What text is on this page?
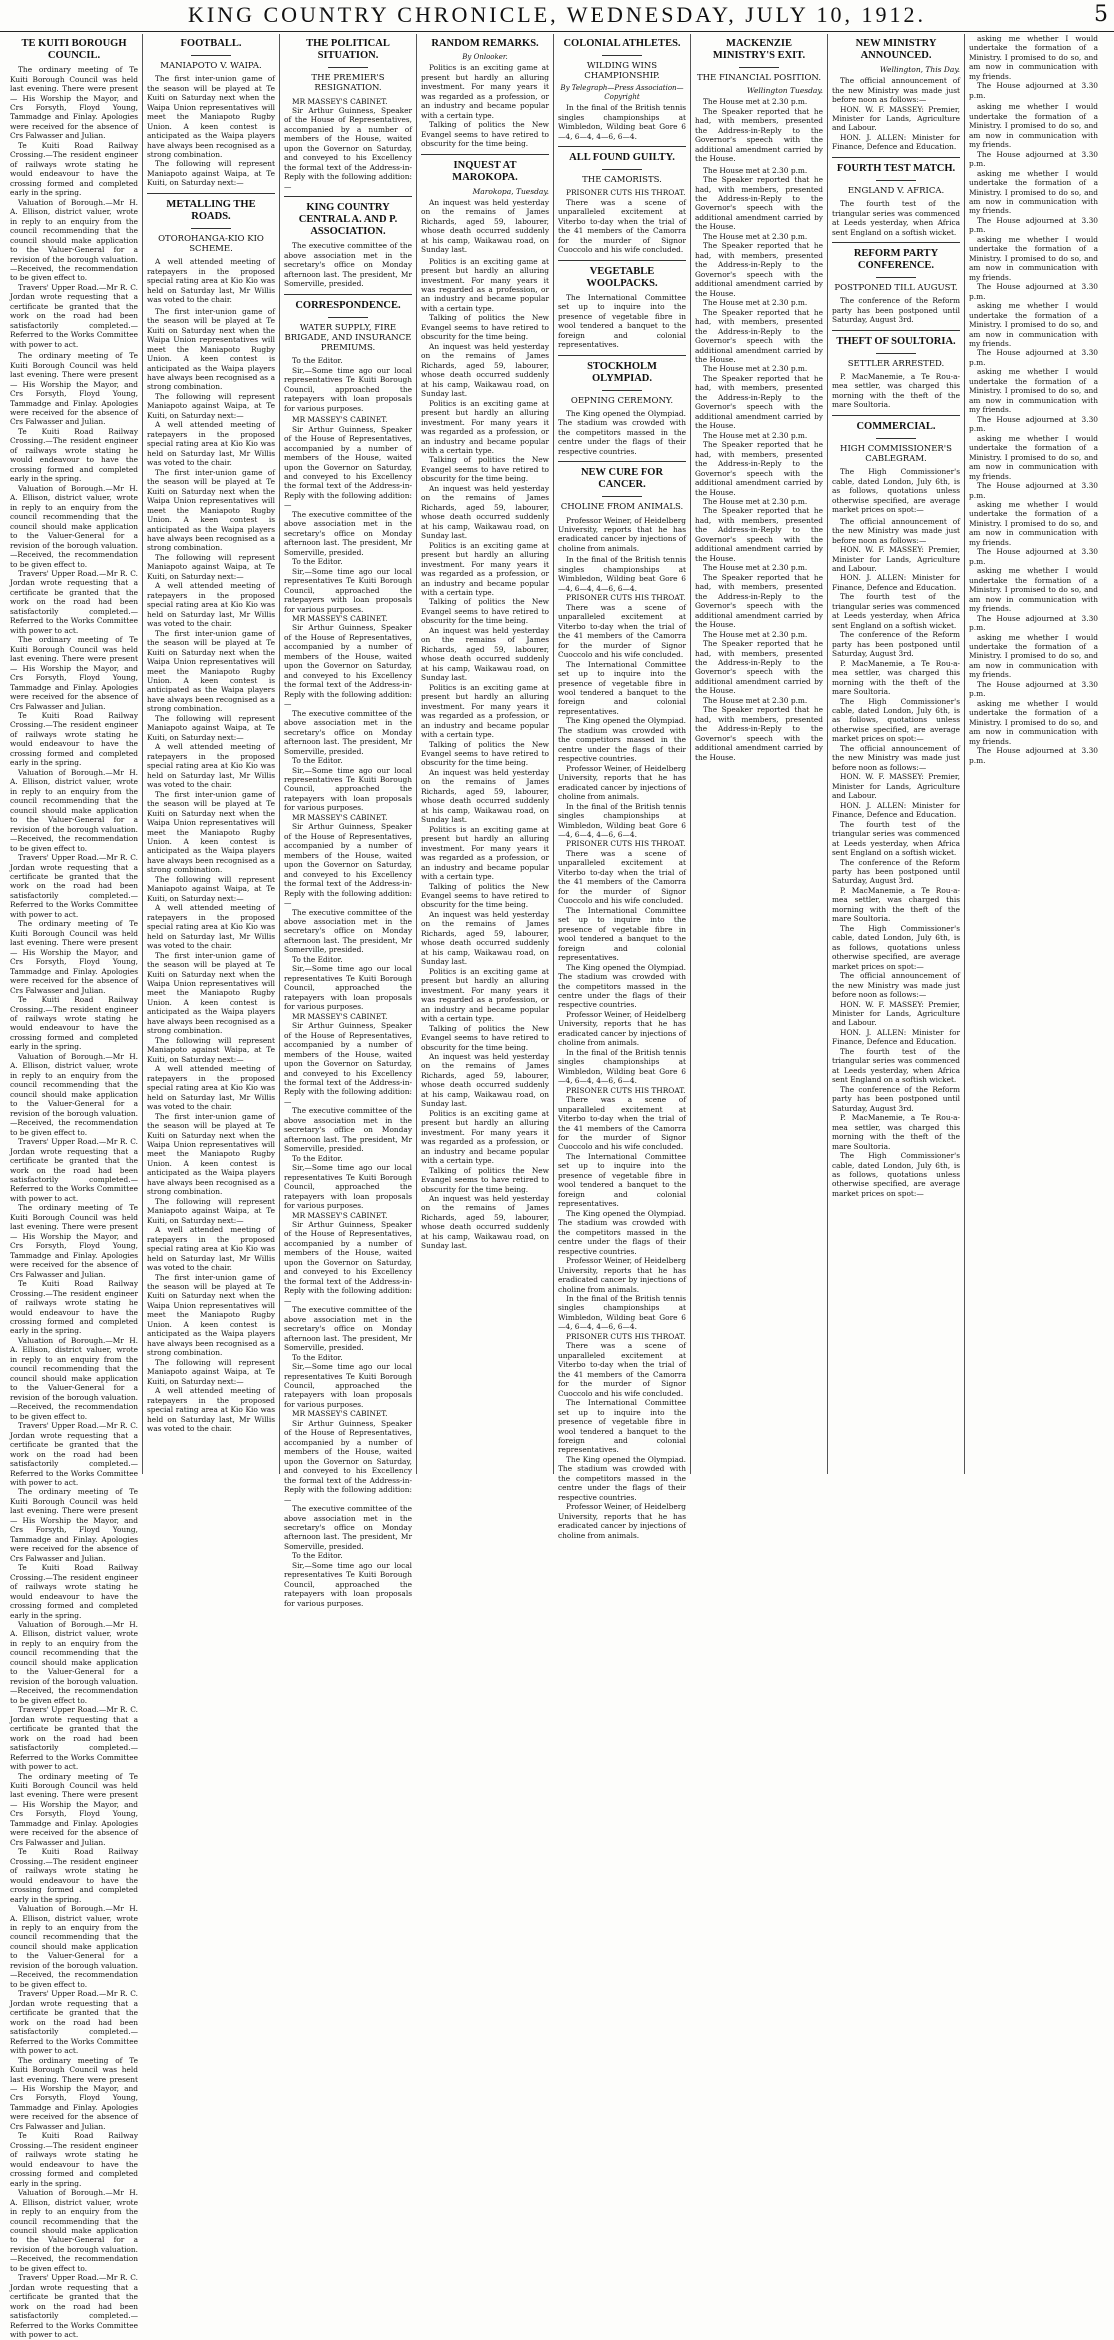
KING COUNTRY CHRONICLE, WEDNESDAY, JULY 10, 1912.	5
TE KUITI BOROUGH COUNCIL.

The ordinary meeting of Te Kuiti Borough Council was held last evening. There were present— His Worship the Mayor, and Crs Forsyth, Floyd Young, Tammadge and Finlay. Apologies were received for the absence of Crs Falwasser and Julian.

Te Kuiti Road Railway Crossing.—The resident engineer of railways wrote stating he would endeavour to have the crossing formed and completed early in the spring.

Valuation of Borough.—Mr H. A. Ellison, district valuer, wrote in reply to an enquiry from the council recommending that the council should make application to the Valuer-General for a revision of the borough valuation.—Received, the recommendation to be given effect to.

Travers' Upper Road.—Mr R. C. Jordan wrote requesting that a certificate be granted that the work on the road had been satisfactorily completed.—Referred to the Works Committee with power to act.

The ordinary meeting of Te Kuiti Borough Council was held last evening. There were present— His Worship the Mayor, and Crs Forsyth, Floyd Young, Tammadge and Finlay. Apologies were received for the absence of Crs Falwasser and Julian.

Te Kuiti Road Railway Crossing.—The resident engineer of railways wrote stating he would endeavour to have the crossing formed and completed early in the spring.

Valuation of Borough.—Mr H. A. Ellison, district valuer, wrote in reply to an enquiry from the council recommending that the council should make application to the Valuer-General for a revision of the borough valuation.—Received, the recommendation to be given effect to.

Travers' Upper Road.—Mr R. C. Jordan wrote requesting that a certificate be granted that the work on the road had been satisfactorily completed.—Referred to the Works Committee with power to act.

The ordinary meeting of Te Kuiti Borough Council was held last evening. There were present— His Worship the Mayor, and Crs Forsyth, Floyd Young, Tammadge and Finlay. Apologies were received for the absence of Crs Falwasser and Julian.

Te Kuiti Road Railway Crossing.—The resident engineer of railways wrote stating he would endeavour to have the crossing formed and completed early in the spring.

Valuation of Borough.—Mr H. A. Ellison, district valuer, wrote in reply to an enquiry from the council recommending that the council should make application to the Valuer-General for a revision of the borough valuation.—Received, the recommendation to be given effect to.

Travers' Upper Road.—Mr R. C. Jordan wrote requesting that a certificate be granted that the work on the road had been satisfactorily completed.—Referred to the Works Committee with power to act.

The ordinary meeting of Te Kuiti Borough Council was held last evening. There were present— His Worship the Mayor, and Crs Forsyth, Floyd Young, Tammadge and Finlay. Apologies were received for the absence of Crs Falwasser and Julian.

Te Kuiti Road Railway Crossing.—The resident engineer of railways wrote stating he would endeavour to have the crossing formed and completed early in the spring.

Valuation of Borough.—Mr H. A. Ellison, district valuer, wrote in reply to an enquiry from the council recommending that the council should make application to the Valuer-General for a revision of the borough valuation.—Received, the recommendation to be given effect to.

Travers' Upper Road.—Mr R. C. Jordan wrote requesting that a certificate be granted that the work on the road had been satisfactorily completed.—Referred to the Works Committee with power to act.

The ordinary meeting of Te Kuiti Borough Council was held last evening. There were present— His Worship the Mayor, and Crs Forsyth, Floyd Young, Tammadge and Finlay. Apologies were received for the absence of Crs Falwasser and Julian.

Te Kuiti Road Railway Crossing.—The resident engineer of railways wrote stating he would endeavour to have the crossing formed and completed early in the spring.

Valuation of Borough.—Mr H. A. Ellison, district valuer, wrote in reply to an enquiry from the council recommending that the council should make application to the Valuer-General for a revision of the borough valuation.—Received, the recommendation to be given effect to.

Travers' Upper Road.—Mr R. C. Jordan wrote requesting that a certificate be granted that the work on the road had been satisfactorily completed.—Referred to the Works Committee with power to act.

The ordinary meeting of Te Kuiti Borough Council was held last evening. There were present— His Worship the Mayor, and Crs Forsyth, Floyd Young, Tammadge and Finlay. Apologies were received for the absence of Crs Falwasser and Julian.

Te Kuiti Road Railway Crossing.—The resident engineer of railways wrote stating he would endeavour to have the crossing formed and completed early in the spring.

Valuation of Borough.—Mr H. A. Ellison, district valuer, wrote in reply to an enquiry from the council recommending that the council should make application to the Valuer-General for a revision of the borough valuation.—Received, the recommendation to be given effect to.

Travers' Upper Road.—Mr R. C. Jordan wrote requesting that a certificate be granted that the work on the road had been satisfactorily completed.—Referred to the Works Committee with power to act.

The ordinary meeting of Te Kuiti Borough Council was held last evening. There were present— His Worship the Mayor, and Crs Forsyth, Floyd Young, Tammadge and Finlay. Apologies were received for the absence of Crs Falwasser and Julian.

Te Kuiti Road Railway Crossing.—The resident engineer of railways wrote stating he would endeavour to have the crossing formed and completed early in the spring.

Valuation of Borough.—Mr H. A. Ellison, district valuer, wrote in reply to an enquiry from the council recommending that the council should make application to the Valuer-General for a revision of the borough valuation.—Received, the recommendation to be given effect to.

Travers' Upper Road.—Mr R. C. Jordan wrote requesting that a certificate be granted that the work on the road had been satisfactorily completed.—Referred to the Works Committee with power to act.

The ordinary meeting of Te Kuiti Borough Council was held last evening. There were present— His Worship the Mayor, and Crs Forsyth, Floyd Young, Tammadge and Finlay. Apologies were received for the absence of Crs Falwasser and Julian.

Te Kuiti Road Railway Crossing.—The resident engineer of railways wrote stating he would endeavour to have the crossing formed and completed early in the spring.

Valuation of Borough.—Mr H. A. Ellison, district valuer, wrote in reply to an enquiry from the council recommending that the council should make application to the Valuer-General for a revision of the borough valuation.—Received, the recommendation to be given effect to.

Travers' Upper Road.—Mr R. C. Jordan wrote requesting that a certificate be granted that the work on the road had been satisfactorily completed.—Referred to the Works Committee with power to act.

FOOTBALL.
MANIAPOTO V. WAIPA.

The first inter-union game of the season will be played at Te Kuiti on Saturday next when the Waipa Union representatives will meet the Maniapoto Rugby Union. A keen contest is anticipated as the Waipa players have always been recognised as a strong combination.

The following will represent Maniapoto against Waipa, at Te Kuiti, on Saturday next:—

METALLING THE ROADS.
OTOROHANGA-KIO KIO SCHEME.

A well attended meeting of ratepayers in the proposed special rating area at Kio Kio was held on Saturday last, Mr Willis was voted to the chair.

The first inter-union game of the season will be played at Te Kuiti on Saturday next when the Waipa Union representatives will meet the Maniapoto Rugby Union. A keen contest is anticipated as the Waipa players have always been recognised as a strong combination.

The following will represent Maniapoto against Waipa, at Te Kuiti, on Saturday next:—

A well attended meeting of ratepayers in the proposed special rating area at Kio Kio was held on Saturday last, Mr Willis was voted to the chair.

The first inter-union game of the season will be played at Te Kuiti on Saturday next when the Waipa Union representatives will meet the Maniapoto Rugby Union. A keen contest is anticipated as the Waipa players have always been recognised as a strong combination.

The following will represent Maniapoto against Waipa, at Te Kuiti, on Saturday next:—

A well attended meeting of ratepayers in the proposed special rating area at Kio Kio was held on Saturday last, Mr Willis was voted to the chair.

The first inter-union game of the season will be played at Te Kuiti on Saturday next when the Waipa Union representatives will meet the Maniapoto Rugby Union. A keen contest is anticipated as the Waipa players have always been recognised as a strong combination.

The following will represent Maniapoto against Waipa, at Te Kuiti, on Saturday next:—

A well attended meeting of ratepayers in the proposed special rating area at Kio Kio was held on Saturday last, Mr Willis was voted to the chair.

The first inter-union game of the season will be played at Te Kuiti on Saturday next when the Waipa Union representatives will meet the Maniapoto Rugby Union. A keen contest is anticipated as the Waipa players have always been recognised as a strong combination.

The following will represent Maniapoto against Waipa, at Te Kuiti, on Saturday next:—

A well attended meeting of ratepayers in the proposed special rating area at Kio Kio was held on Saturday last, Mr Willis was voted to the chair.

The first inter-union game of the season will be played at Te Kuiti on Saturday next when the Waipa Union representatives will meet the Maniapoto Rugby Union. A keen contest is anticipated as the Waipa players have always been recognised as a strong combination.

The following will represent Maniapoto against Waipa, at Te Kuiti, on Saturday next:—

A well attended meeting of ratepayers in the proposed special rating area at Kio Kio was held on Saturday last, Mr Willis was voted to the chair.

The first inter-union game of the season will be played at Te Kuiti on Saturday next when the Waipa Union representatives will meet the Maniapoto Rugby Union. A keen contest is anticipated as the Waipa players have always been recognised as a strong combination.

The following will represent Maniapoto against Waipa, at Te Kuiti, on Saturday next:—

A well attended meeting of ratepayers in the proposed special rating area at Kio Kio was held on Saturday last, Mr Willis was voted to the chair.

The first inter-union game of the season will be played at Te Kuiti on Saturday next when the Waipa Union representatives will meet the Maniapoto Rugby Union. A keen contest is anticipated as the Waipa players have always been recognised as a strong combination.

The following will represent Maniapoto against Waipa, at Te Kuiti, on Saturday next:—

A well attended meeting of ratepayers in the proposed special rating area at Kio Kio was held on Saturday last, Mr Willis was voted to the chair.

THE POLITICAL SITUATION.
THE PREMIER'S RESIGNATION.

MR MASSEY'S CABINET.

Sir Arthur Guinness, Speaker of the House of Representatives, accompanied by a number of members of the House, waited upon the Governor on Saturday, and conveyed to his Excellency the formal text of the Address-in-Reply with the following addition:—

KING COUNTRY CENTRAL A. AND P. ASSOCIATION.

The executive committee of the above association met in the secretary's office on Monday afternoon last. The president, Mr Somerville, presided.

CORRESPONDENCE.
WATER SUPPLY, FIRE BRIGADE, AND INSURANCE PREMIUMS.

To the Editor.

Sir,—Some time ago our local representatives Te Kuiti Borough Council, approached the ratepayers with loan proposals for various purposes.

MR MASSEY'S CABINET.

Sir Arthur Guinness, Speaker of the House of Representatives, accompanied by a number of members of the House, waited upon the Governor on Saturday, and conveyed to his Excellency the formal text of the Address-in-Reply with the following addition:—

The executive committee of the above association met in the secretary's office on Monday afternoon last. The president, Mr Somerville, presided.

To the Editor.

Sir,—Some time ago our local representatives Te Kuiti Borough Council, approached the ratepayers with loan proposals for various purposes.

MR MASSEY'S CABINET.

Sir Arthur Guinness, Speaker of the House of Representatives, accompanied by a number of members of the House, waited upon the Governor on Saturday, and conveyed to his Excellency the formal text of the Address-in-Reply with the following addition:—

The executive committee of the above association met in the secretary's office on Monday afternoon last. The president, Mr Somerville, presided.

To the Editor.

Sir,—Some time ago our local representatives Te Kuiti Borough Council, approached the ratepayers with loan proposals for various purposes.

MR MASSEY'S CABINET.

Sir Arthur Guinness, Speaker of the House of Representatives, accompanied by a number of members of the House, waited upon the Governor on Saturday, and conveyed to his Excellency the formal text of the Address-in-Reply with the following addition:—

The executive committee of the above association met in the secretary's office on Monday afternoon last. The president, Mr Somerville, presided.

To the Editor.

Sir,—Some time ago our local representatives Te Kuiti Borough Council, approached the ratepayers with loan proposals for various purposes.

MR MASSEY'S CABINET.

Sir Arthur Guinness, Speaker of the House of Representatives, accompanied by a number of members of the House, waited upon the Governor on Saturday, and conveyed to his Excellency the formal text of the Address-in-Reply with the following addition:—

The executive committee of the above association met in the secretary's office on Monday afternoon last. The president, Mr Somerville, presided.

To the Editor.

Sir,—Some time ago our local representatives Te Kuiti Borough Council, approached the ratepayers with loan proposals for various purposes.

MR MASSEY'S CABINET.

Sir Arthur Guinness, Speaker of the House of Representatives, accompanied by a number of members of the House, waited upon the Governor on Saturday, and conveyed to his Excellency the formal text of the Address-in-Reply with the following addition:—

The executive committee of the above association met in the secretary's office on Monday afternoon last. The president, Mr Somerville, presided.

To the Editor.

Sir,—Some time ago our local representatives Te Kuiti Borough Council, approached the ratepayers with loan proposals for various purposes.

MR MASSEY'S CABINET.

Sir Arthur Guinness, Speaker of the House of Representatives, accompanied by a number of members of the House, waited upon the Governor on Saturday, and conveyed to his Excellency the formal text of the Address-in-Reply with the following addition:—

The executive committee of the above association met in the secretary's office on Monday afternoon last. The president, Mr Somerville, presided.

To the Editor.

Sir,—Some time ago our local representatives Te Kuiti Borough Council, approached the ratepayers with loan proposals for various purposes.

RANDOM REMARKS.
By Onlooker.

Politics is an exciting game at present but hardly an alluring investment. For many years it was regarded as a profession, or an industry and became popular with a certain type.

Talking of politics the New Evangel seems to have retired to obscurity for the time being.

INQUEST AT MAROKOPA.
Marokopa, Tuesday.

An inquest was held yesterday on the remains of James Richards, aged 59, labourer, whose death occurred suddenly at his camp, Waikawau road, on Sunday last.

Politics is an exciting game at present but hardly an alluring investment. For many years it was regarded as a profession, or an industry and became popular with a certain type.

Talking of politics the New Evangel seems to have retired to obscurity for the time being.

An inquest was held yesterday on the remains of James Richards, aged 59, labourer, whose death occurred suddenly at his camp, Waikawau road, on Sunday last.

Politics is an exciting game at present but hardly an alluring investment. For many years it was regarded as a profession, or an industry and became popular with a certain type.

Talking of politics the New Evangel seems to have retired to obscurity for the time being.

An inquest was held yesterday on the remains of James Richards, aged 59, labourer, whose death occurred suddenly at his camp, Waikawau road, on Sunday last.

Politics is an exciting game at present but hardly an alluring investment. For many years it was regarded as a profession, or an industry and became popular with a certain type.

Talking of politics the New Evangel seems to have retired to obscurity for the time being.

An inquest was held yesterday on the remains of James Richards, aged 59, labourer, whose death occurred suddenly at his camp, Waikawau road, on Sunday last.

Politics is an exciting game at present but hardly an alluring investment. For many years it was regarded as a profession, or an industry and became popular with a certain type.

Talking of politics the New Evangel seems to have retired to obscurity for the time being.

An inquest was held yesterday on the remains of James Richards, aged 59, labourer, whose death occurred suddenly at his camp, Waikawau road, on Sunday last.

Politics is an exciting game at present but hardly an alluring investment. For many years it was regarded as a profession, or an industry and became popular with a certain type.

Talking of politics the New Evangel seems to have retired to obscurity for the time being.

An inquest was held yesterday on the remains of James Richards, aged 59, labourer, whose death occurred suddenly at his camp, Waikawau road, on Sunday last.

Politics is an exciting game at present but hardly an alluring investment. For many years it was regarded as a profession, or an industry and became popular with a certain type.

Talking of politics the New Evangel seems to have retired to obscurity for the time being.

An inquest was held yesterday on the remains of James Richards, aged 59, labourer, whose death occurred suddenly at his camp, Waikawau road, on Sunday last.

Politics is an exciting game at present but hardly an alluring investment. For many years it was regarded as a profession, or an industry and became popular with a certain type.

Talking of politics the New Evangel seems to have retired to obscurity for the time being.

An inquest was held yesterday on the remains of James Richards, aged 59, labourer, whose death occurred suddenly at his camp, Waikawau road, on Sunday last.

COLONIAL ATHLETES.
WILDING WINS CHAMPIONSHIP.
By Telegraph—Press Association—Copyright

In the final of the British tennis singles championships at Wimbledon, Wilding beat Gore 6—4, 6—4, 4—6, 6—4.

ALL FOUND GUILTY.
THE CAMORISTS.

PRISONER CUTS HIS THROAT.

There was a scene of unparalleled excitement at Viterbo to-day when the trial of the 41 members of the Camorra for the murder of Signor Cuoccolo and his wife concluded.

VEGETABLE WOOLPACKS.

The International Committee set up to inquire into the presence of vegetable fibre in wool tendered a banquet to the foreign and colonial representatives.

STOCKHOLM OLYMPIAD.
OEPNING CEREMONY.

The King opened the Olympiad. The stadium was crowded with the competitors massed in the centre under the flags of their respective countries.

NEW CURE FOR CANCER.
CHOLINE FROM ANIMALS.

Professor Weiner, of Heidelberg University, reports that he has eradicated cancer by injections of choline from animals.

In the final of the British tennis singles championships at Wimbledon, Wilding beat Gore 6—4, 6—4, 4—6, 6—4.

PRISONER CUTS HIS THROAT.

There was a scene of unparalleled excitement at Viterbo to-day when the trial of the 41 members of the Camorra for the murder of Signor Cuoccolo and his wife concluded.

The International Committee set up to inquire into the presence of vegetable fibre in wool tendered a banquet to the foreign and colonial representatives.

The King opened the Olympiad. The stadium was crowded with the competitors massed in the centre under the flags of their respective countries.

Professor Weiner, of Heidelberg University, reports that he has eradicated cancer by injections of choline from animals.

In the final of the British tennis singles championships at Wimbledon, Wilding beat Gore 6—4, 6—4, 4—6, 6—4.

PRISONER CUTS HIS THROAT.

There was a scene of unparalleled excitement at Viterbo to-day when the trial of the 41 members of the Camorra for the murder of Signor Cuoccolo and his wife concluded.

The International Committee set up to inquire into the presence of vegetable fibre in wool tendered a banquet to the foreign and colonial representatives.

The King opened the Olympiad. The stadium was crowded with the competitors massed in the centre under the flags of their respective countries.

Professor Weiner, of Heidelberg University, reports that he has eradicated cancer by injections of choline from animals.

In the final of the British tennis singles championships at Wimbledon, Wilding beat Gore 6—4, 6—4, 4—6, 6—4.

PRISONER CUTS HIS THROAT.

There was a scene of unparalleled excitement at Viterbo to-day when the trial of the 41 members of the Camorra for the murder of Signor Cuoccolo and his wife concluded.

The International Committee set up to inquire into the presence of vegetable fibre in wool tendered a banquet to the foreign and colonial representatives.

The King opened the Olympiad. The stadium was crowded with the competitors massed in the centre under the flags of their respective countries.

Professor Weiner, of Heidelberg University, reports that he has eradicated cancer by injections of choline from animals.

In the final of the British tennis singles championships at Wimbledon, Wilding beat Gore 6—4, 6—4, 4—6, 6—4.

PRISONER CUTS HIS THROAT.

There was a scene of unparalleled excitement at Viterbo to-day when the trial of the 41 members of the Camorra for the murder of Signor Cuoccolo and his wife concluded.

The International Committee set up to inquire into the presence of vegetable fibre in wool tendered a banquet to the foreign and colonial representatives.

The King opened the Olympiad. The stadium was crowded with the competitors massed in the centre under the flags of their respective countries.

Professor Weiner, of Heidelberg University, reports that he has eradicated cancer by injections of choline from animals.

MACKENZIE MINISTRY'S EXIT.
THE FINANCIAL POSITION.
Wellington Tuesday.

The House met at 2.30 p.m.

The Speaker reported that he had, with members, presented the Address-in-Reply to the Governor's speech with the additional amendment carried by the House.

The House met at 2.30 p.m.

The Speaker reported that he had, with members, presented the Address-in-Reply to the Governor's speech with the additional amendment carried by the House.

The House met at 2.30 p.m.

The Speaker reported that he had, with members, presented the Address-in-Reply to the Governor's speech with the additional amendment carried by the House.

The House met at 2.30 p.m.

The Speaker reported that he had, with members, presented the Address-in-Reply to the Governor's speech with the additional amendment carried by the House.

The House met at 2.30 p.m.

The Speaker reported that he had, with members, presented the Address-in-Reply to the Governor's speech with the additional amendment carried by the House.

The House met at 2.30 p.m.

The Speaker reported that he had, with members, presented the Address-in-Reply to the Governor's speech with the additional amendment carried by the House.

The House met at 2.30 p.m.

The Speaker reported that he had, with members, presented the Address-in-Reply to the Governor's speech with the additional amendment carried by the House.

The House met at 2.30 p.m.

The Speaker reported that he had, with members, presented the Address-in-Reply to the Governor's speech with the additional amendment carried by the House.

The House met at 2.30 p.m.

The Speaker reported that he had, with members, presented the Address-in-Reply to the Governor's speech with the additional amendment carried by the House.

The House met at 2.30 p.m.

The Speaker reported that he had, with members, presented the Address-in-Reply to the Governor's speech with the additional amendment carried by the House.

NEW MINISTRY ANNOUNCED.
Wellington, This Day.

The official announcement of the new Ministry was made just before noon as follows:—

HON. W. F. MASSEY: Premier, Minister for Lands, Agriculture and Labour.

HON. J. ALLEN: Minister for Finance, Defence and Education.

FOURTH TEST MATCH.
ENGLAND V. AFRICA.

The fourth test of the triangular series was commenced at Leeds yesterday, when Africa sent England on a softish wicket.

REFORM PARTY CONFERENCE.
POSTPONED TILL AUGUST.

The conference of the Reform party has been postponed until Saturday, August 3rd.

THEFT OF SOULTORIA.
SETTLER ARRESTED.

P. MacManemie, a Te Rou-a-mea settler, was charged this morning with the theft of the mare Soultoria.

COMMERCIAL.
HIGH COMMISSIONER'S CABLEGRAM.

The High Commissioner's cable, dated London, July 6th, is as follows, quotations unless otherwise specified, are average market prices on spot:—

The official announcement of the new Ministry was made just before noon as follows:—

HON. W. F. MASSEY: Premier, Minister for Lands, Agriculture and Labour.

HON. J. ALLEN: Minister for Finance, Defence and Education.

The fourth test of the triangular series was commenced at Leeds yesterday, when Africa sent England on a softish wicket.

The conference of the Reform party has been postponed until Saturday, August 3rd.

P. MacManemie, a Te Rou-a-mea settler, was charged this morning with the theft of the mare Soultoria.

The High Commissioner's cable, dated London, July 6th, is as follows, quotations unless otherwise specified, are average market prices on spot:—

The official announcement of the new Ministry was made just before noon as follows:—

HON. W. F. MASSEY: Premier, Minister for Lands, Agriculture and Labour.

HON. J. ALLEN: Minister for Finance, Defence and Education.

The fourth test of the triangular series was commenced at Leeds yesterday, when Africa sent England on a softish wicket.

The conference of the Reform party has been postponed until Saturday, August 3rd.

P. MacManemie, a Te Rou-a-mea settler, was charged this morning with the theft of the mare Soultoria.

The High Commissioner's cable, dated London, July 6th, is as follows, quotations unless otherwise specified, are average market prices on spot:—

The official announcement of the new Ministry was made just before noon as follows:—

HON. W. F. MASSEY: Premier, Minister for Lands, Agriculture and Labour.

HON. J. ALLEN: Minister for Finance, Defence and Education.

The fourth test of the triangular series was commenced at Leeds yesterday, when Africa sent England on a softish wicket.

The conference of the Reform party has been postponed until Saturday, August 3rd.

P. MacManemie, a Te Rou-a-mea settler, was charged this morning with the theft of the mare Soultoria.

The High Commissioner's cable, dated London, July 6th, is as follows, quotations unless otherwise specified, are average market prices on spot:—

asking me whether I would undertake the formation of a Ministry. I promised to do so, and am now in communication with my friends.

The House adjourned at 3.30 p.m.

asking me whether I would undertake the formation of a Ministry. I promised to do so, and am now in communication with my friends.

The House adjourned at 3.30 p.m.

asking me whether I would undertake the formation of a Ministry. I promised to do so, and am now in communication with my friends.

The House adjourned at 3.30 p.m.

asking me whether I would undertake the formation of a Ministry. I promised to do so, and am now in communication with my friends.

The House adjourned at 3.30 p.m.

asking me whether I would undertake the formation of a Ministry. I promised to do so, and am now in communication with my friends.

The House adjourned at 3.30 p.m.

asking me whether I would undertake the formation of a Ministry. I promised to do so, and am now in communication with my friends.

The House adjourned at 3.30 p.m.

asking me whether I would undertake the formation of a Ministry. I promised to do so, and am now in communication with my friends.

The House adjourned at 3.30 p.m.

asking me whether I would undertake the formation of a Ministry. I promised to do so, and am now in communication with my friends.

The House adjourned at 3.30 p.m.

asking me whether I would undertake the formation of a Ministry. I promised to do so, and am now in communication with my friends.

The House adjourned at 3.30 p.m.

asking me whether I would undertake the formation of a Ministry. I promised to do so, and am now in communication with my friends.

The House adjourned at 3.30 p.m.

asking me whether I would undertake the formation of a Ministry. I promised to do so, and am now in communication with my friends.

The House adjourned at 3.30 p.m.
